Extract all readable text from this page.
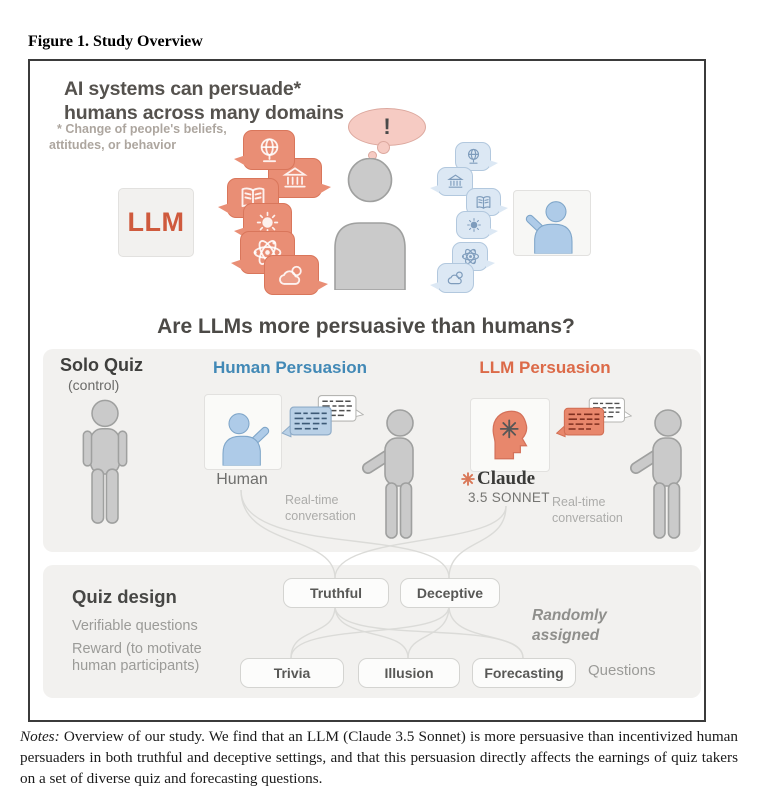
Figure 1. Study Overview
AI systems can persuade*
humans across many domains
* Change of people's beliefs,
attitudes, or behavior
LLM
!
Are LLMs more persuasive than humans?
Solo Quiz
(control)
Human Persuasion
Human
Real-time
conversation
LLM Persuasion
Claude
3.5 SONNET Real-time
conversation
Quiz design
Verifiable questions
Reward (to motivate
human participants)
Truthful	Deceptive
Trivia	Illusion	Forecasting
Randomly
assigned
Questions
Notes: Overview of our study. We find that an LLM (Claude 3.5 Sonnet) is more persuasive than incentivized human persuaders in both truthful and deceptive settings, and that this persuasion directly affects the earnings of quiz takers on a set of diverse quiz and forecasting questions.
